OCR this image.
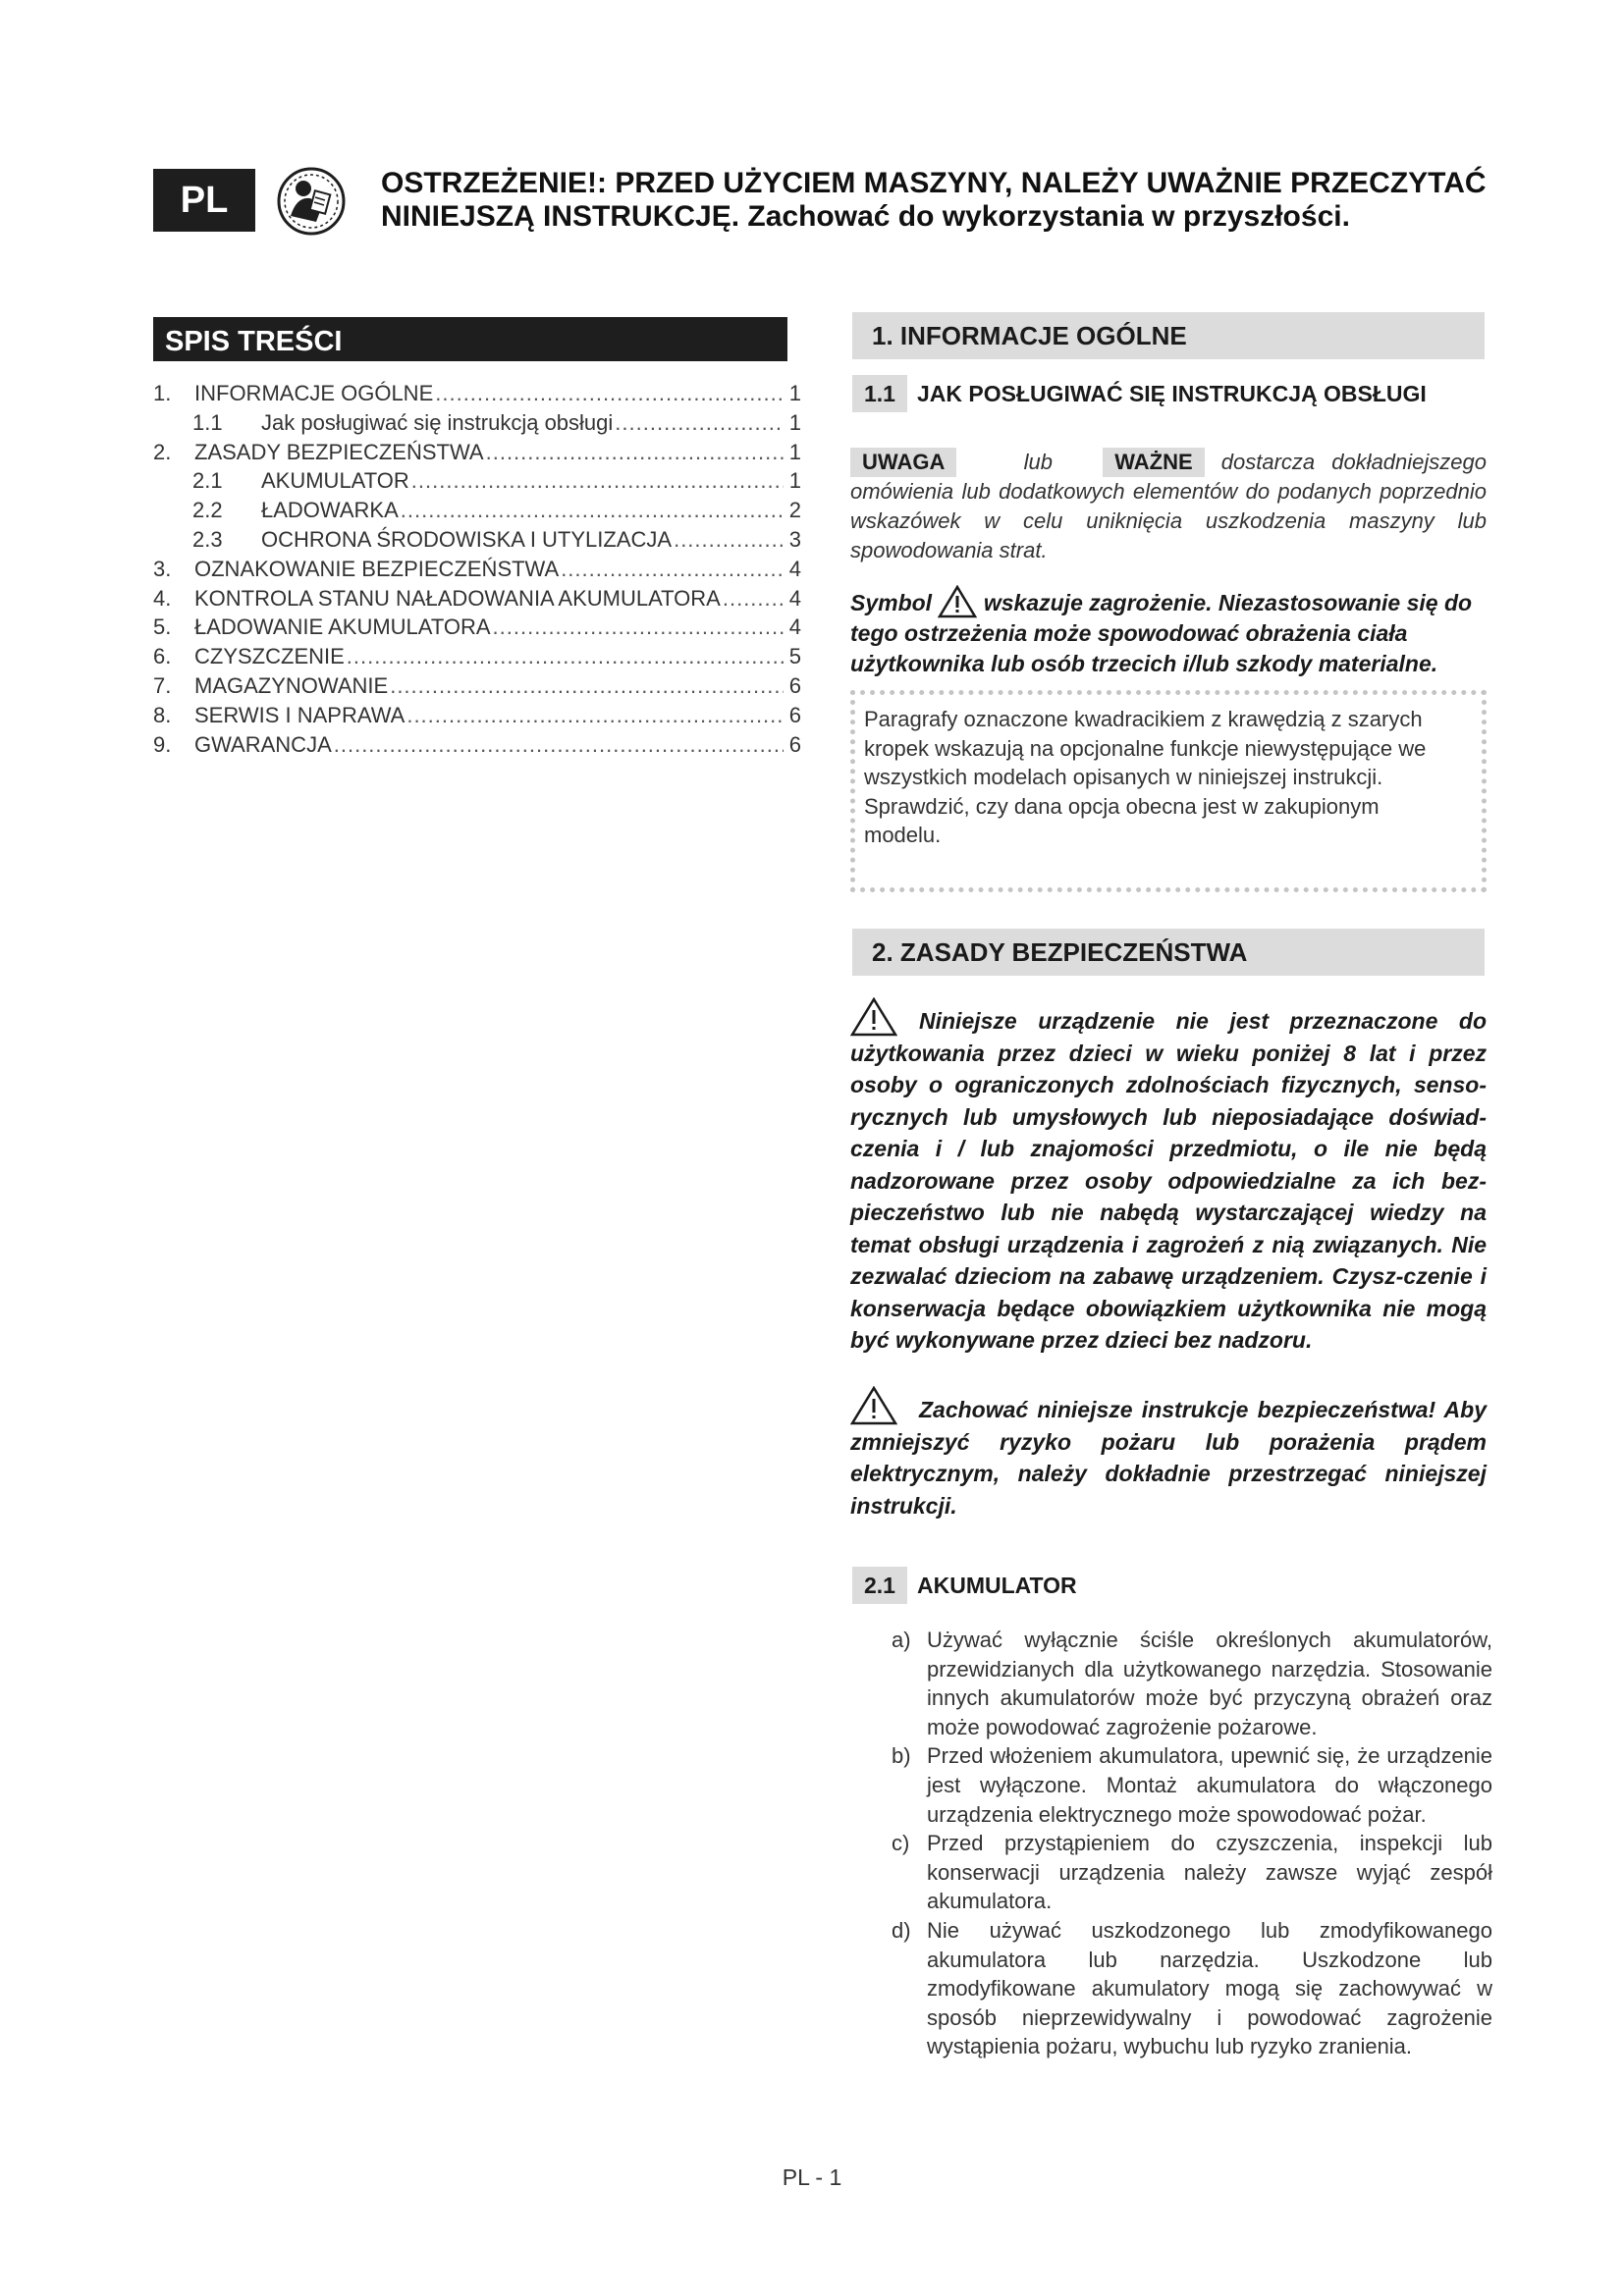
PL	OSTRZEŻENIE!: PRZED UŻYCIEM MASZYNY, NALEŻY UWAŻNIE PRZECZYTAĆ
NINIEJSZĄ INSTRUKCJĘ. Zachować do wykorzystania w przyszłości.
SPIS TREŚCI
1.	INFORMACJE OGÓLNE .....	1
1.1	Jak posługiwać się instrukcją obsługi .....	1
2.	ZASADY BEZPIECZEŃSTWA .....	1
2.1	AKUMULATOR .....	1
2.2	ŁADOWARKA .....	2
2.3	OCHRONA ŚRODOWISKA I UTYLIZACJA .....	3
3.	OZNAKOWANIE BEZPIECZEŃSTWA .....	4
4.	KONTROLA STANU NAŁADOWANIA AKUMULATORA .....	4
5.	ŁADOWANIE AKUMULATORA .....	4
6.	CZYSZCZENIE .....	5
7.	MAGAZYNOWANIE .....	6
8.	SERWIS I NAPRAWA .....	6
9.	GWARANCJA .....	6
1. INFORMACJE OGÓLNE
1.1 JAK POSŁUGIWAĆ SIĘ INSTRUKCJĄ OBSŁUGI
UWAGA	lub	WAŻNE dostarcza dokładniejszego omówienia lub dodatkowych elementów do podanych poprzednio wskazówek w celu uniknięcia uszkodzenia maszyny lub spowodowania strat.
Symbol wskazuje zagrożenie. Niezastosowanie się do tego ostrzeżenia może spowodować obrażenia ciała użytkownika lub osób trzecich i/lub szkody materialne.
Paragrafy oznaczone kwadracikiem z krawędzią z szarych kropek wskazują na opcjonalne funkcje niewystępujące we wszystkich modelach opisanych w niniejszej instrukcji. Sprawdzić, czy dana opcja obecna jest w zakupionym modelu.
2. ZASADY BEZPIECZEŃSTWA
Niniejsze urządzenie nie jest przeznaczone do użytkowania przez dzieci w wieku poniżej 8 lat i przez osoby o ograniczonych zdolnościach fizycznych, senso-rycznych lub umysłowych lub nieposiadające doświad-czenia i / lub znajomości przedmiotu, o ile nie będą nadzorowane przez osoby odpowiedzialne za ich bez-pieczeństwo lub nie nabędą wystarczającej wiedzy na temat obsługi urządzenia i zagrożeń z nią związanych. Nie zezwalać dzieciom na zabawę urządzeniem. Czysz-czenie i konserwacja będące obowiązkiem użytkownika nie mogą być wykonywane przez dzieci bez nadzoru.
Zachować niniejsze instrukcje bezpieczeństwa! Aby zmniejszyć ryzyko pożaru lub porażenia prądem elektrycznym, należy dokładnie przestrzegać niniejszej instrukcji.
2.1 AKUMULATOR
a) Używać wyłącznie ściśle określonych akumulatorów, przewidzianych dla użytkowanego narzędzia. Stosowanie innych akumulatorów może być przyczyną obrażeń oraz może powodować zagrożenie pożarowe.
b) Przed włożeniem akumulatora, upewnić się, że urządzenie jest wyłączone. Montaż akumulatora do włączonego urządzenia elektrycznego może spowodować pożar.
c) Przed przystąpieniem do czyszczenia, inspekcji lub konserwacji urządzenia należy zawsze wyjąć zespół akumulatora.
d) Nie używać uszkodzonego lub zmodyfikowanego akumulatora lub narzędzia. Uszkodzone lub zmodyfikowane akumulatory mogą się zachowywać w sposób nieprzewidywalny i powodować zagrożenie wystąpienia pożaru, wybuchu lub ryzyko zranienia.
PL - 1
